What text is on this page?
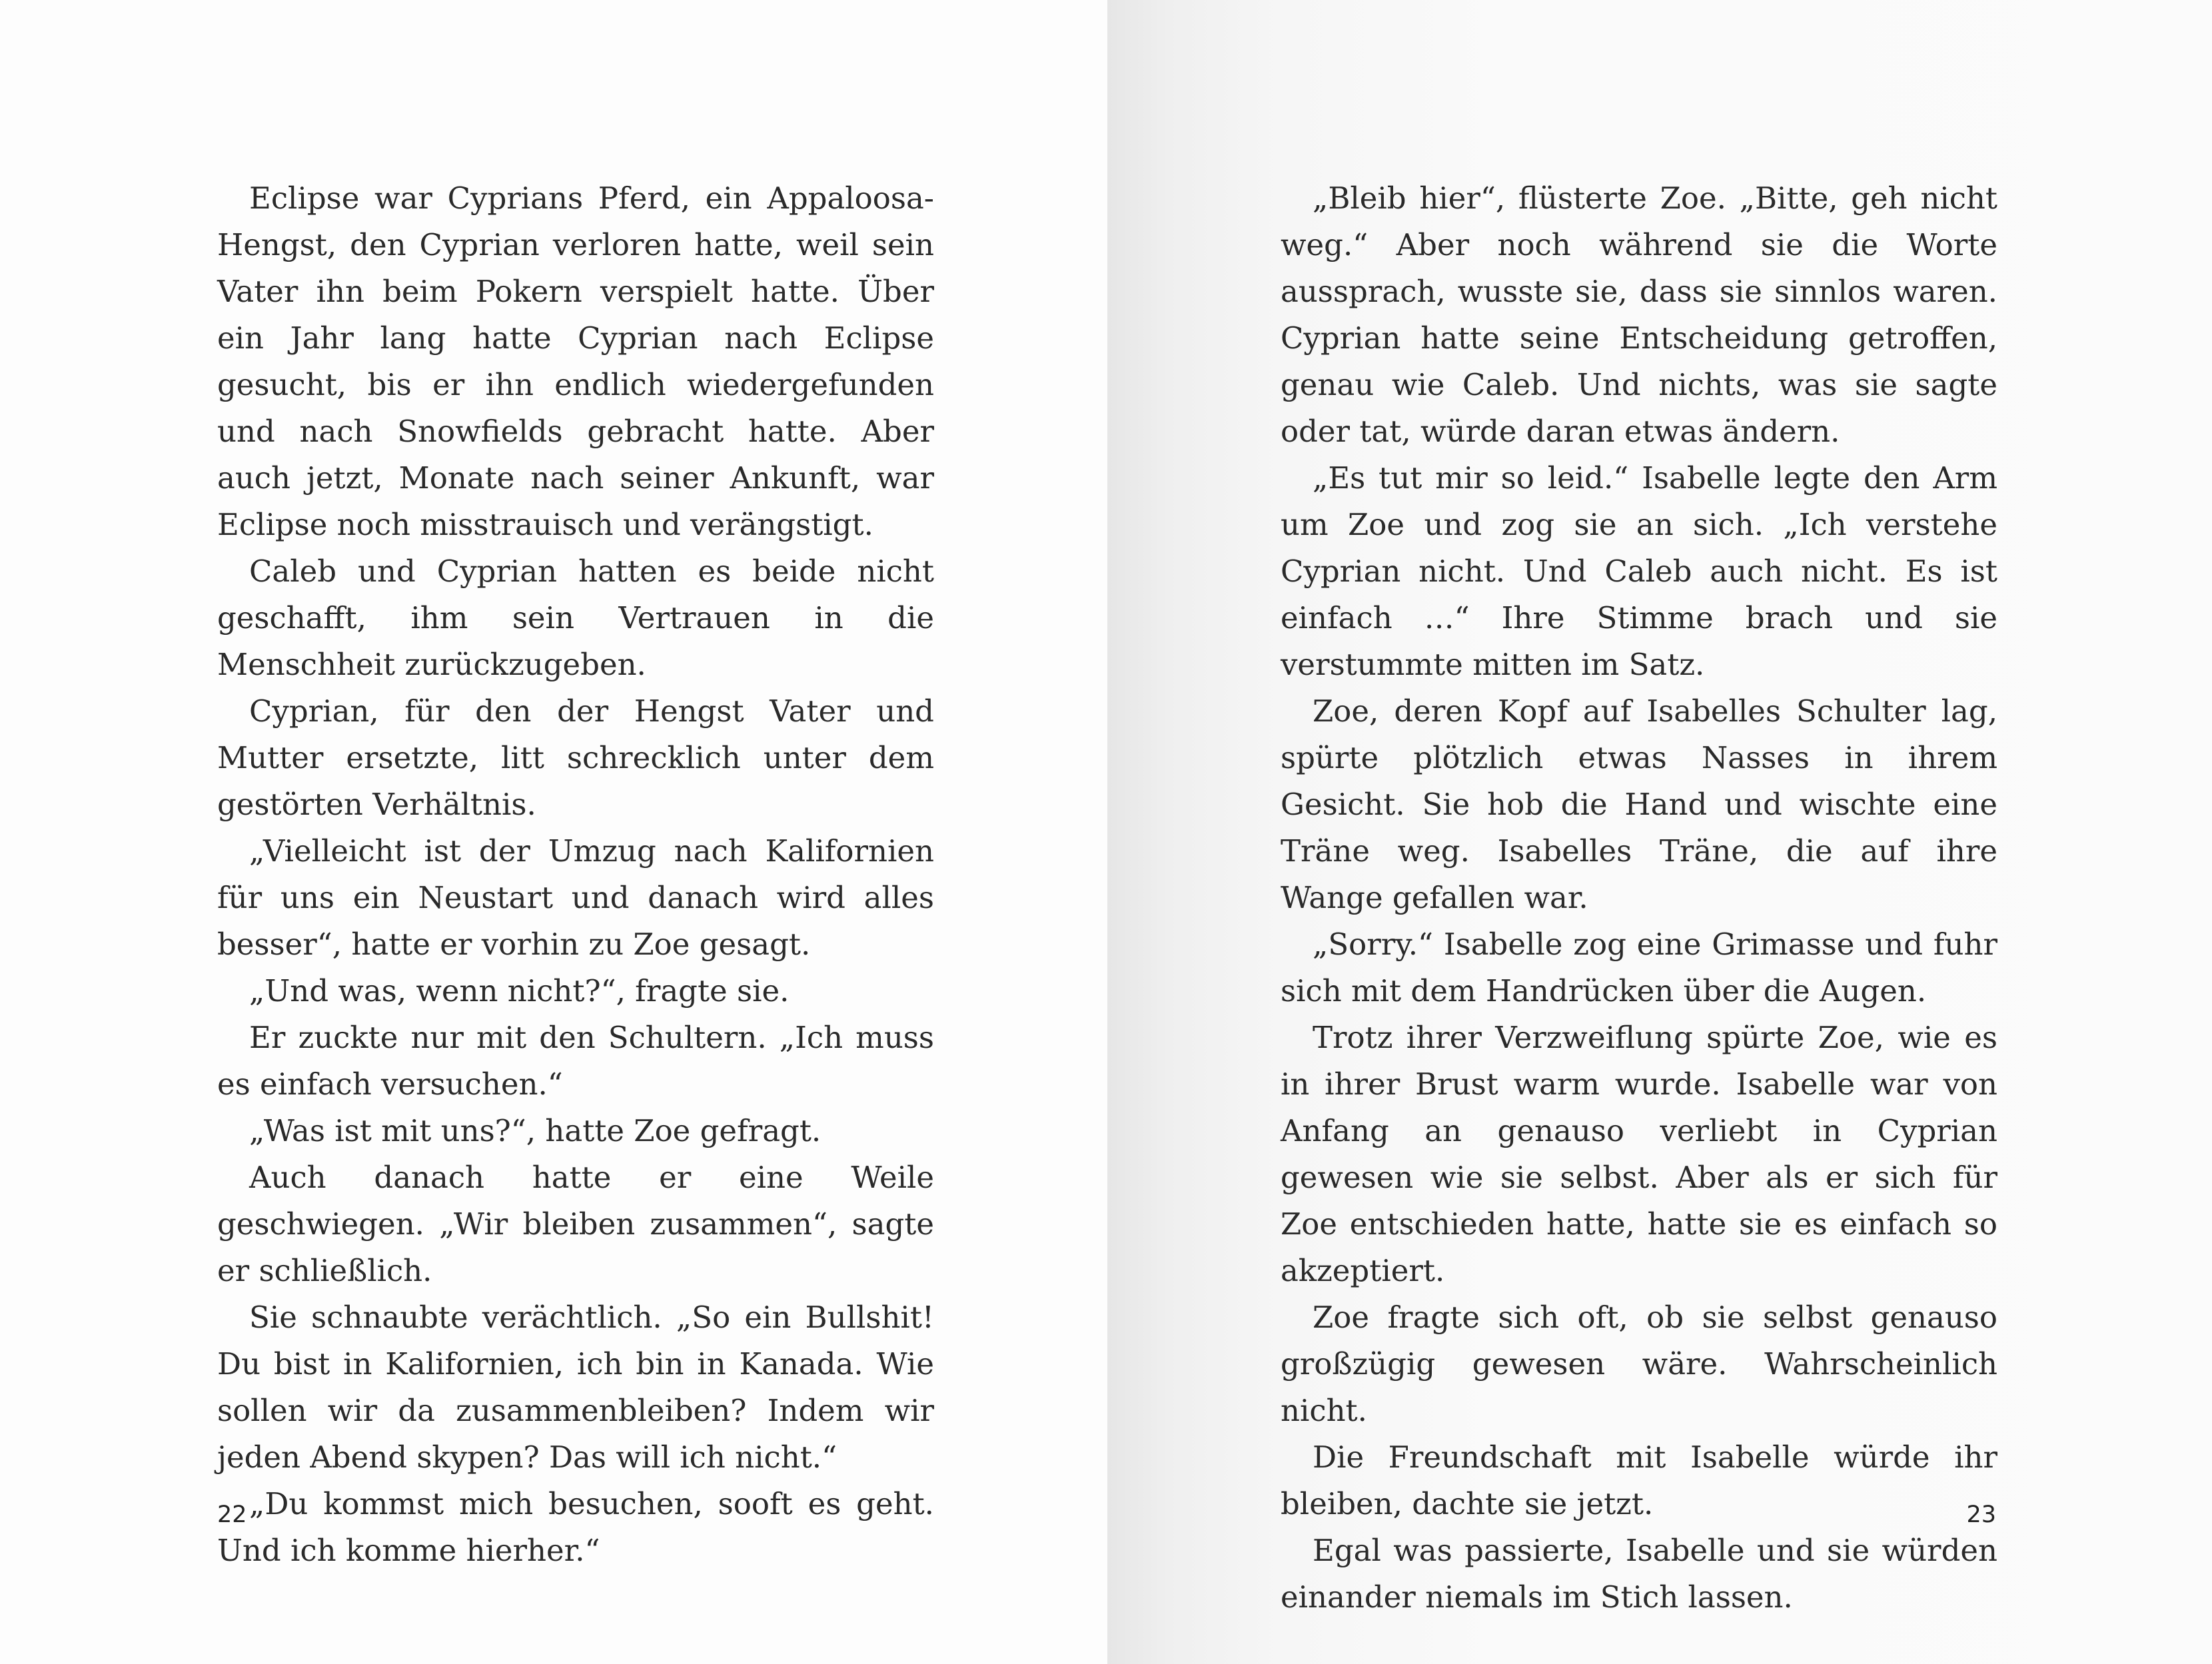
Eclipse war Cyprians Pferd, ein Appaloosa-Hengst, den Cyprian verloren hatte, weil sein Vater ihn beim Pokern verspielt hatte. Über ein Jahr lang hatte Cyprian nach Eclipse gesucht, bis er ihn endlich wiedergefunden und nach Snowfields gebracht hatte. Aber auch jetzt, Monate nach seiner Ankunft, war Eclipse noch misstrauisch und verängstigt.

Caleb und Cyprian hatten es beide nicht geschafft, ihm sein Vertrauen in die Menschheit zurückzugeben.

Cyprian, für den der Hengst Vater und Mutter ersetzte, litt schrecklich unter dem gestörten Verhältnis.

„Vielleicht ist der Umzug nach Kalifornien für uns ein Neustart und danach wird alles besser“, hatte er vorhin zu Zoe gesagt.

„Und was, wenn nicht?“, fragte sie.

Er zuckte nur mit den Schultern. „Ich muss es einfach versuchen.“

„Was ist mit uns?“, hatte Zoe gefragt.

Auch danach hatte er eine Weile geschwiegen. „Wir bleiben zusammen“, sagte er schließlich.

Sie schnaubte verächtlich. „So ein Bullshit! Du bist in Kalifornien, ich bin in Kanada. Wie sollen wir da zusammenbleiben? Indem wir jeden Abend skypen? Das will ich nicht.“

„Du kommst mich besuchen, sooft es geht. Und ich komme hierher.“

22

„Bleib hier“, flüsterte Zoe. „Bitte, geh nicht weg.“ Aber noch während sie die Worte aussprach, wusste sie, dass sie sinnlos waren. Cyprian hatte seine Entscheidung getroffen, genau wie Caleb. Und nichts, was sie sagte oder tat, würde daran etwas ändern.

„Es tut mir so leid.“ Isabelle legte den Arm um Zoe und zog sie an sich. „Ich verstehe Cyprian nicht. Und Caleb auch nicht. Es ist einfach …“ Ihre Stimme brach und sie verstummte mitten im Satz.

Zoe, deren Kopf auf Isabelles Schulter lag, spürte plötzlich etwas Nasses in ihrem Gesicht. Sie hob die Hand und wischte eine Träne weg. Isabelles Träne, die auf ihre Wange gefallen war.

„Sorry.“ Isabelle zog eine Grimasse und fuhr sich mit dem Handrücken über die Augen.

Trotz ihrer Verzweiflung spürte Zoe, wie es in ihrer Brust warm wurde. Isabelle war von Anfang an genauso verliebt in Cyprian gewesen wie sie selbst. Aber als er sich für Zoe entschieden hatte, hatte sie es einfach so akzeptiert.

Zoe fragte sich oft, ob sie selbst genauso großzügig gewesen wäre. Wahrscheinlich nicht.

Die Freundschaft mit Isabelle würde ihr bleiben, dachte sie jetzt.

Egal was passierte, Isabelle und sie würden einander niemals im Stich lassen.

23
